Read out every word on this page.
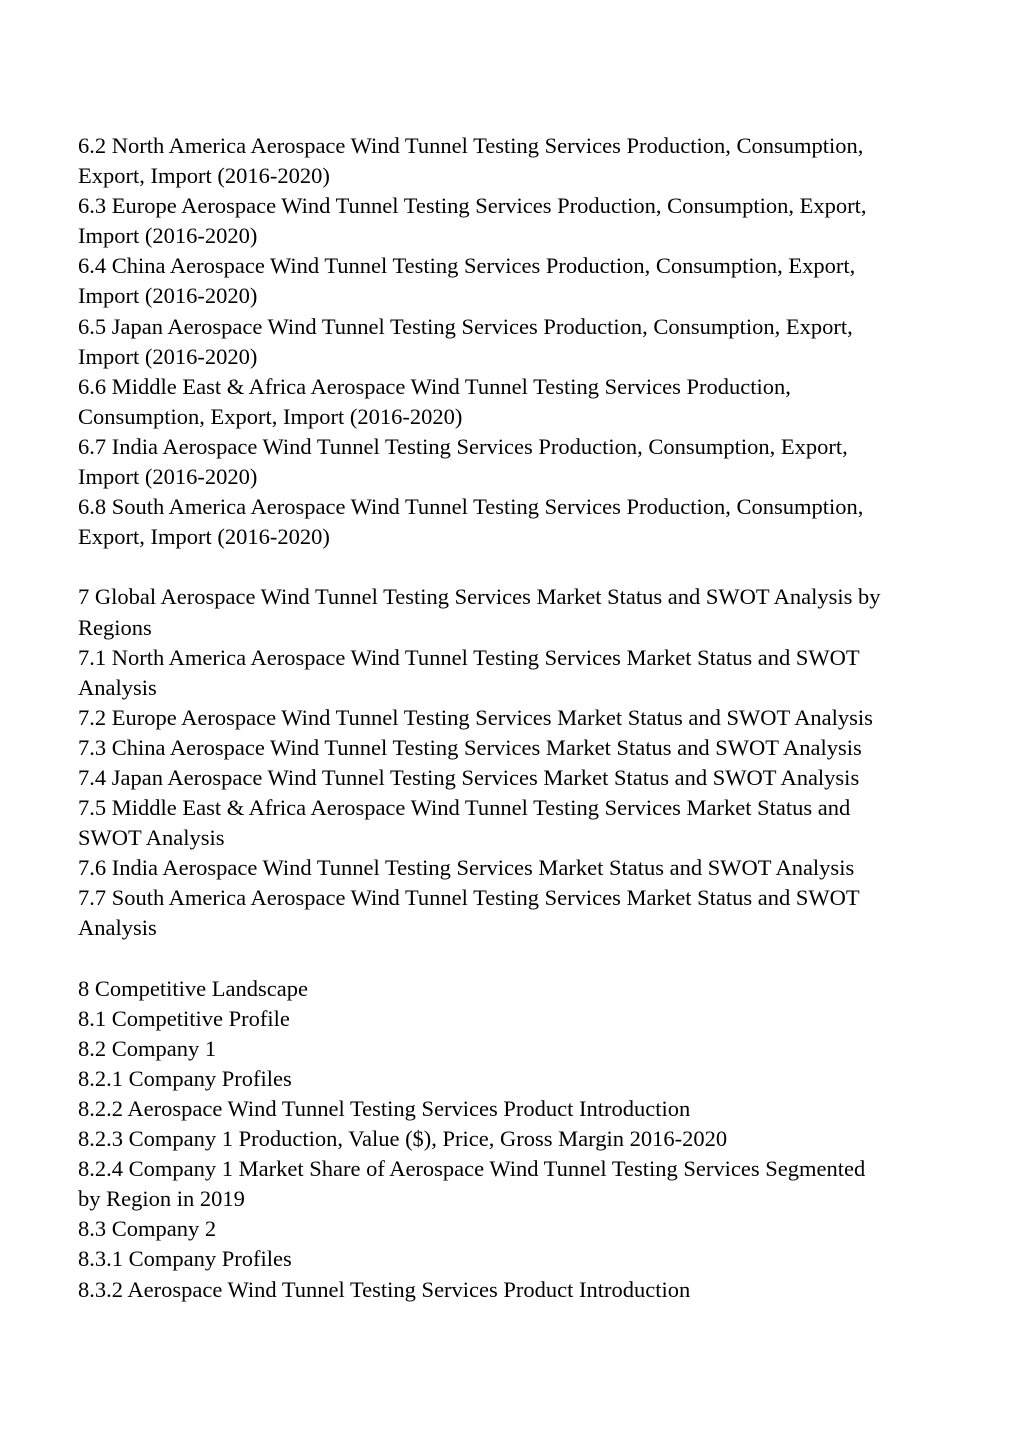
6.2 North America Aerospace Wind Tunnel Testing Services Production, Consumption,
Export, Import (2016-2020)
6.3 Europe Aerospace Wind Tunnel Testing Services Production, Consumption, Export,
Import (2016-2020)
6.4 China Aerospace Wind Tunnel Testing Services Production, Consumption, Export,
Import (2016-2020)
6.5 Japan Aerospace Wind Tunnel Testing Services Production, Consumption, Export,
Import (2016-2020)
6.6 Middle East & Africa Aerospace Wind Tunnel Testing Services Production,
Consumption, Export, Import (2016-2020)
6.7 India Aerospace Wind Tunnel Testing Services Production, Consumption, Export,
Import (2016-2020)
6.8 South America Aerospace Wind Tunnel Testing Services Production, Consumption,
Export, Import (2016-2020)
7 Global Aerospace Wind Tunnel Testing Services Market Status and SWOT Analysis by
Regions
7.1 North America Aerospace Wind Tunnel Testing Services Market Status and SWOT
Analysis
7.2 Europe Aerospace Wind Tunnel Testing Services Market Status and SWOT Analysis
7.3 China Aerospace Wind Tunnel Testing Services Market Status and SWOT Analysis
7.4 Japan Aerospace Wind Tunnel Testing Services Market Status and SWOT Analysis
7.5 Middle East & Africa Aerospace Wind Tunnel Testing Services Market Status and
SWOT Analysis
7.6 India Aerospace Wind Tunnel Testing Services Market Status and SWOT Analysis
7.7 South America Aerospace Wind Tunnel Testing Services Market Status and SWOT
Analysis
8 Competitive Landscape
8.1 Competitive Profile
8.2 Company 1
8.2.1 Company Profiles
8.2.2 Aerospace Wind Tunnel Testing Services Product Introduction
8.2.3 Company 1 Production, Value ($), Price, Gross Margin 2016-2020
8.2.4 Company 1 Market Share of Aerospace Wind Tunnel Testing Services Segmented
by Region in 2019
8.3 Company 2
8.3.1 Company Profiles
8.3.2 Aerospace Wind Tunnel Testing Services Product Introduction
